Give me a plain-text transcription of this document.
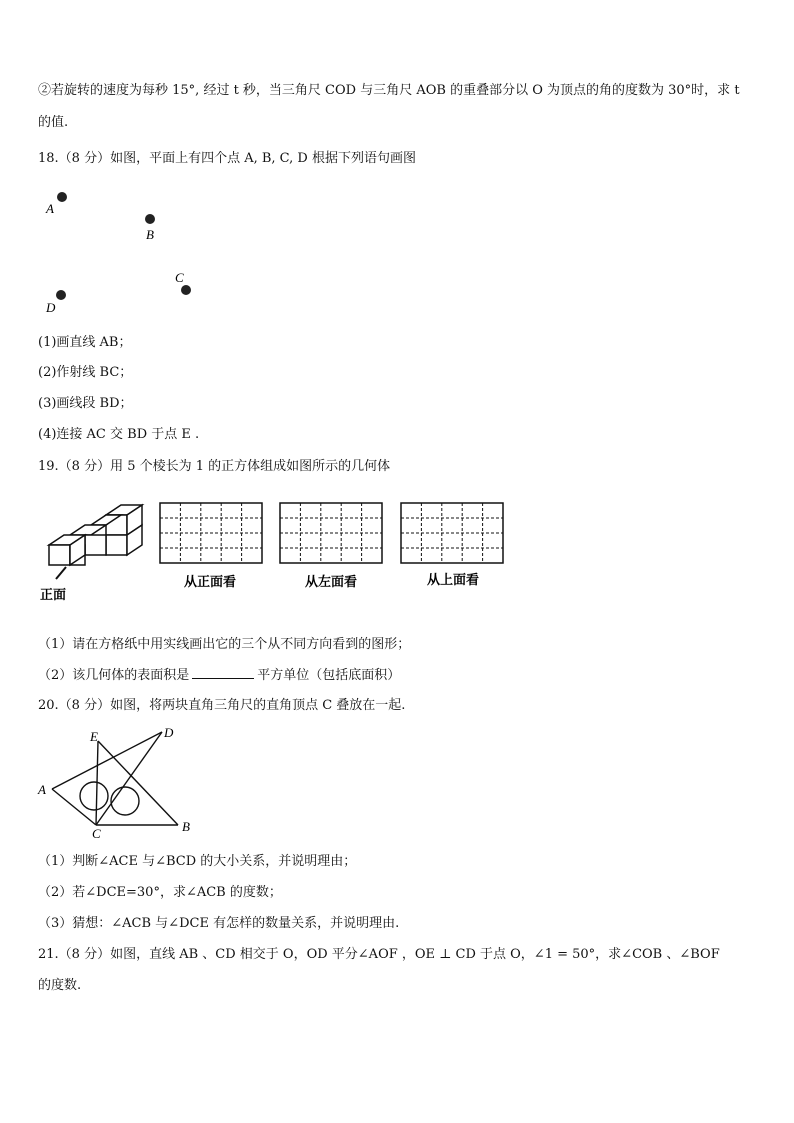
②若旋转的速度为每秒 15°, 经过 t 秒，当三角尺 COD 与三角尺 AOB 的重叠部分以 O 为顶点的角的度数为 30°时，求 t
的值.
18.（8 分）如图，平面上有四个点 A, B, C, D 根据下列语句画图
A
B
C
D
(1)画直线 AB；
(2)作射线 BC；
(3)画线段 BD；
(4)连接 AC 交 BD 于点 E .
19.（8 分）用 5 个棱长为 1 的正方体组成如图所示的几何体
正面
从正面看	从左面看	从上面看
（1）请在方格纸中用实线画出它的三个从不同方向看到的图形；
（2）该几何体的表面积是	平方单位（包括底面积）
20.（8 分）如图，将两块直角三角尺的直角顶点 C 叠放在一起.
E	D
A
C	B
（1）判断∠ACE 与∠BCD 的大小关系，并说明理由；
（2）若∠DCE=30°，求∠ACB 的度数；
（3）猜想：∠ACB 与∠DCE 有怎样的数量关系，并说明理由.
21.（8 分）如图，直线 AB 、CD 相交于 O，OD 平分∠AOF ，OE ⊥ CD 于点 O，∠1 = 50°，求∠COB 、∠BOF
的度数.
